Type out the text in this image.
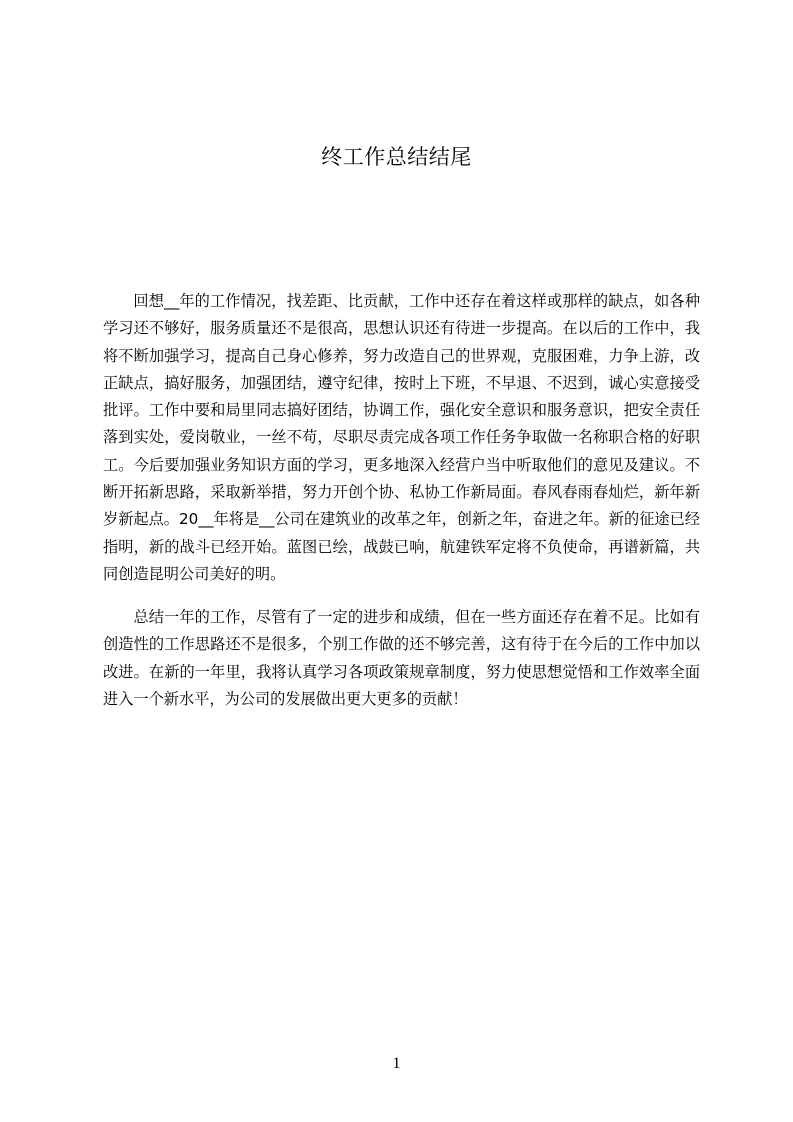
终工作总结结尾

回想__年的工作情况，找差距、比贡献，工作中还存在着这样或那样的缺点，如各种学习还不够好，服务质量还不是很高，思想认识还有待进一步提高。在以后的工作中，我将不断加强学习，提高自己身心修养，努力改造自己的世界观，克服困难，力争上游，改正缺点，搞好服务，加强团结，遵守纪律，按时上下班，不早退、不迟到，诚心实意接受批评。工作中要和局里同志搞好团结，协调工作，强化安全意识和服务意识，把安全责任落到实处，爱岗敬业，一丝不苟，尽职尽责完成各项工作任务争取做一名称职合格的好职工。今后要加强业务知识方面的学习，更多地深入经营户当中听取他们的意见及建议。不断开拓新思路，采取新举措，努力开创个协、私协工作新局面。春风春雨春灿烂，新年新岁新起点。20__年将是__公司在建筑业的改革之年，创新之年，奋进之年。新的征途已经指明，新的战斗已经开始。蓝图已绘，战鼓已响，航建铁军定将不负使命，再谱新篇，共同创造昆明公司美好的明。

总结一年的工作，尽管有了一定的进步和成绩，但在一些方面还存在着不足。比如有创造性的工作思路还不是很多，个别工作做的还不够完善，这有待于在今后的工作中加以改进。在新的一年里，我将认真学习各项政策规章制度，努力使思想觉悟和工作效率全面进入一个新水平，为公司的发展做出更大更多的贡献！

1
